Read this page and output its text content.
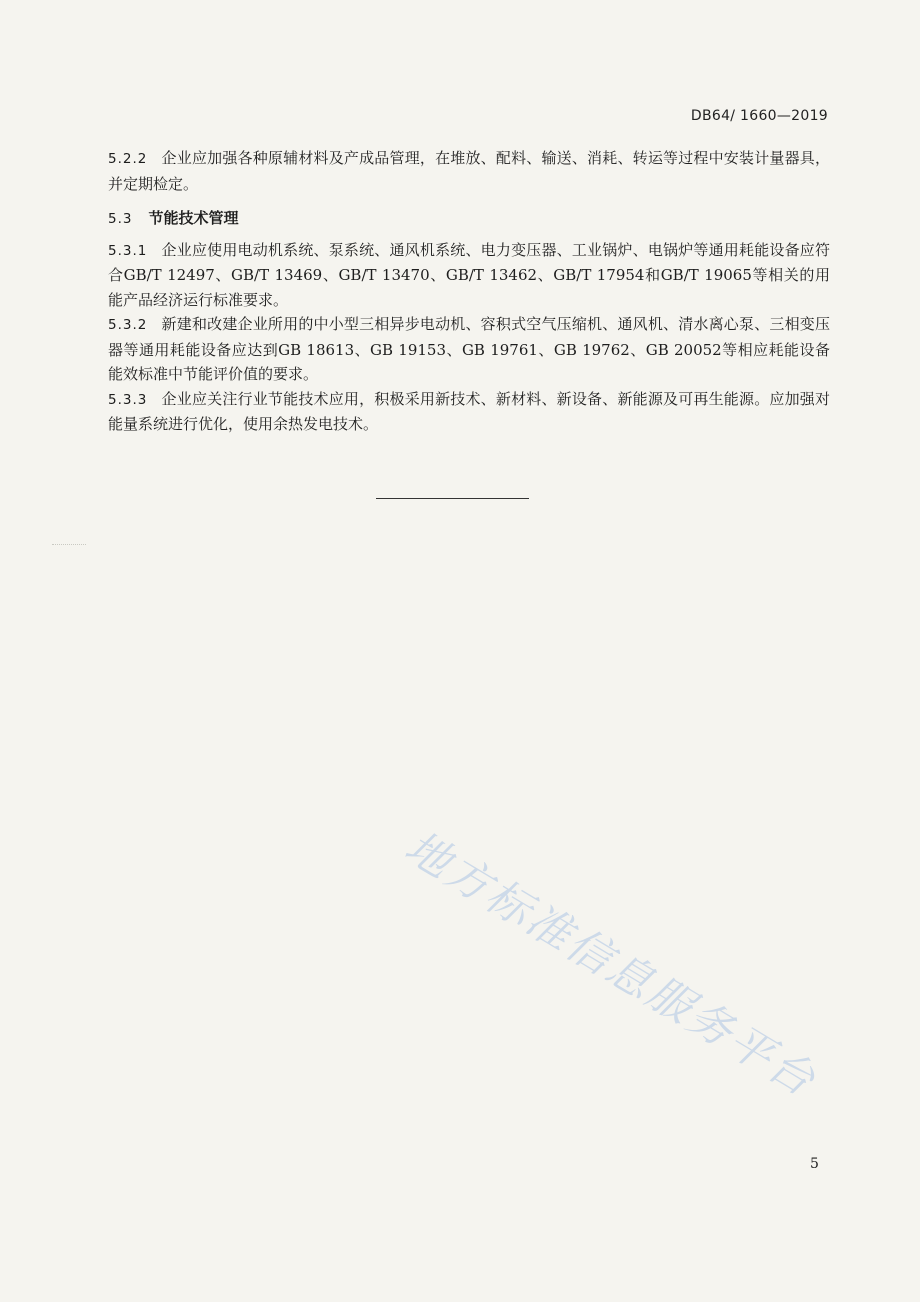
DB64/ 1660—2019

5.2.2 企业应加强各种原辅材料及产成品管理，在堆放、配料、输送、消耗、转运等过程中安装计量器具，并定期检定。

5.3 节能技术管理

5.3.1 企业应使用电动机系统、泵系统、通风机系统、电力变压器、工业锅炉、电锅炉等通用耗能设备应符合GB/T 12497、GB/T 13469、GB/T 13470、GB/T 13462、GB/T 17954和GB/T 19065等相关的用能产品经济运行标准要求。

5.3.2 新建和改建企业所用的中小型三相异步电动机、容积式空气压缩机、通风机、清水离心泵、三相变压器等通用耗能设备应达到GB 18613、GB 19153、GB 19761、GB 19762、GB 20052等相应耗能设备能效标准中节能评价值的要求。

5.3.3 企业应关注行业节能技术应用，积极采用新技术、新材料、新设备、新能源及可再生能源。应加强对能量系统进行优化，使用余热发电技术。

地方标准信息服务平台
5
